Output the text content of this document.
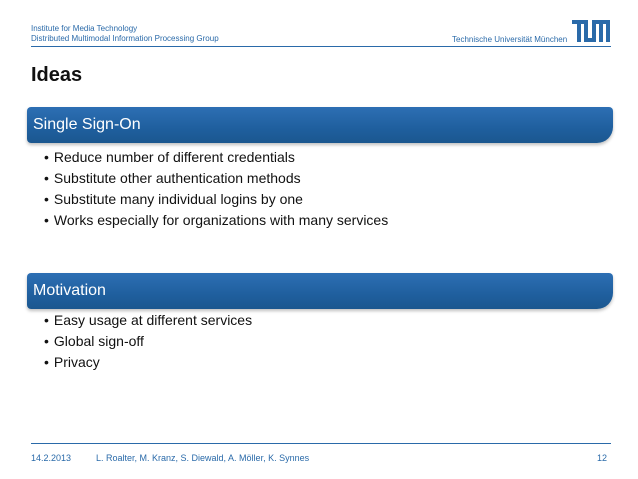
Institute for Media Technology
Distributed Multimodal Information Processing Group	Technische Universität München
Ideas
Single Sign-On
• Reduce number of different credentials
• Substitute other authentication methods
• Substitute many individual logins by one
• Works especially for organizations with many services
Motivation
• Easy usage at different services
• Global sign-off
• Privacy
14.2.2013	L. Roalter, M. Kranz, S. Diewald, A. Möller, K. Synnes	12
